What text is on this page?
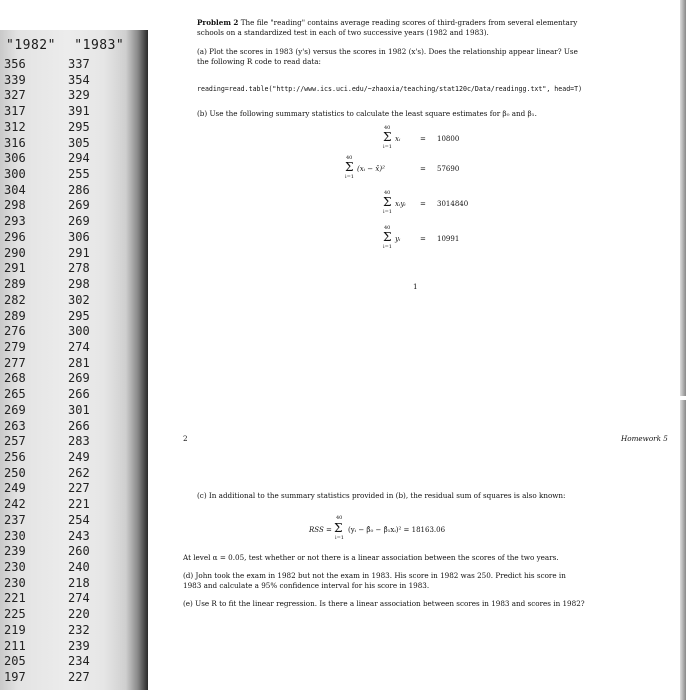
"1982" "1983"
356	337
339	354
327	329
317	391
312	295
316	305
306	294
300	255
304	286
298	269
293	269
296	306
290	291
291	278
289	298
282	302
289	295
276	300
279	274
277	281
268	269
265	266
269	301
263	266
257	283
256	249
250	262
249	227
242	221
237	254
230	243
239	260
230	240
230	218
221	274
225	220
219	232
211	239
205	234
197	227
Problem 2 The file "reading" contains average reading scores of third-graders from several elementary
schools on a standardized test in each of two successive years (1982 and 1983).
(a) Plot the scores in 1983 (y's) versus the scores in 1982 (x's). Does the relationship appear linear? Use
the following R code to read data:
reading=read.table("http://www.ics.uci.edu/~zhaoxia/teaching/stat120c/Data/readingg.txt", head=T)
(b) Use the following summary statistics to calculate the least square estimates for β₀ and β₁.
40
Σ
i=1
xᵢ	= 10800
40
Σ
i=1
(xᵢ − x̄)²	= 57690
40
Σ
i=1
xᵢyᵢ = 3014840
40
Σ
i=1
yᵢ	= 10991
1
2	Homework 5
(c) In additional to the summary statistics provided in (b), the residual sum of squares is also known:
RSS =
40
Σ
i=1
(yᵢ − β̂₀ − β̂₁xᵢ)² = 18163.06
At level α = 0.05, test whether or not there is a linear association between the scores of the two years.
(d) John took the exam in 1982 but not the exam in 1983. His score in 1982 was 250. Predict his score in
1983 and calculate a 95% confidence interval for his score in 1983.
(e) Use R to fit the linear regression. Is there a linear association between scores in 1983 and scores in 1982?
